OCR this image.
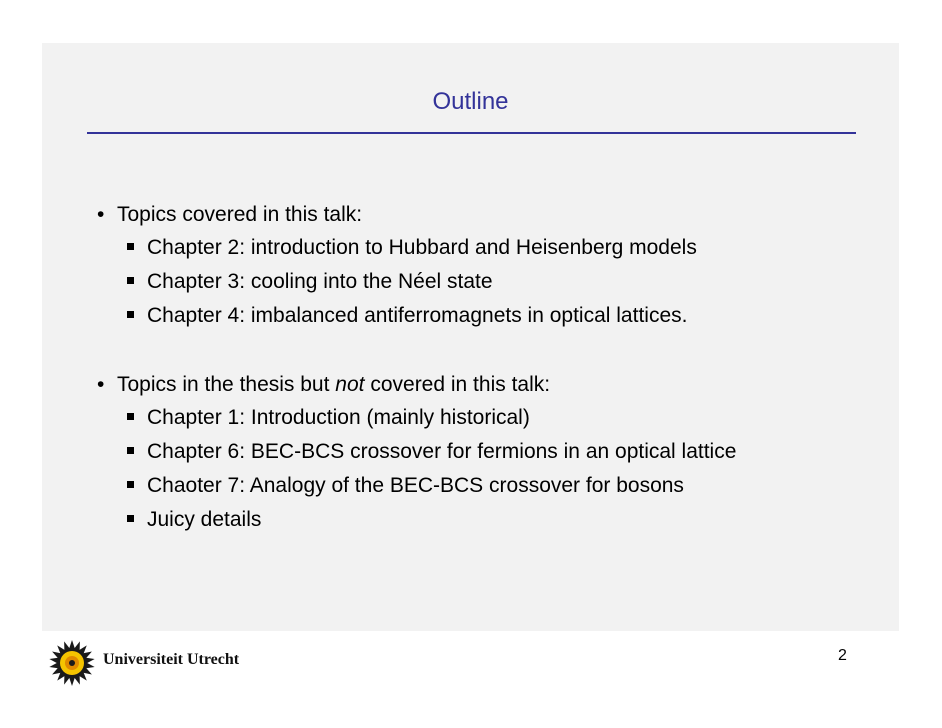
Outline
• Topics covered in this talk:
Chapter 2: introduction to Hubbard and Heisenberg models
Chapter 3: cooling into the Néel state
Chapter 4: imbalanced antiferromagnets in optical lattices.
• Topics in the thesis but not covered in this talk:
Chapter 1: Introduction (mainly historical)
Chapter 6: BEC-BCS crossover for fermions in an optical lattice
Chaoter 7: Analogy of the BEC-BCS crossover for bosons
Juicy details
Universiteit Utrecht	2
